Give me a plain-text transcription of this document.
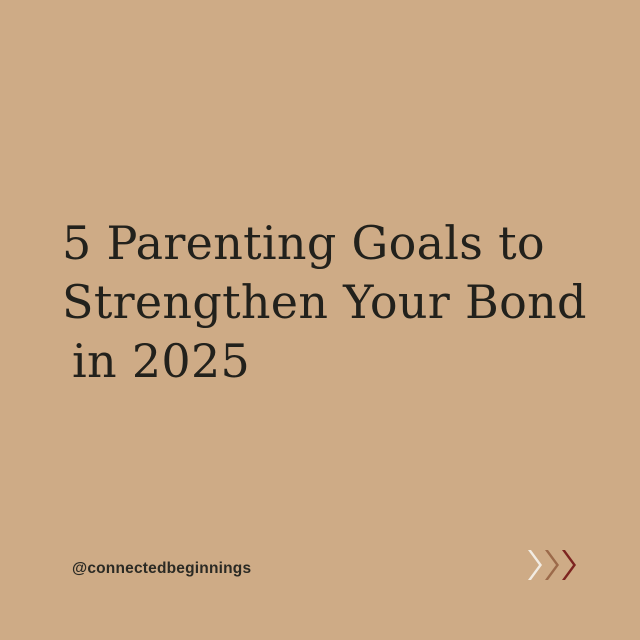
5 Parenting Goals to
Strengthen Your Bond
in 2025
@connectedbeginnings
